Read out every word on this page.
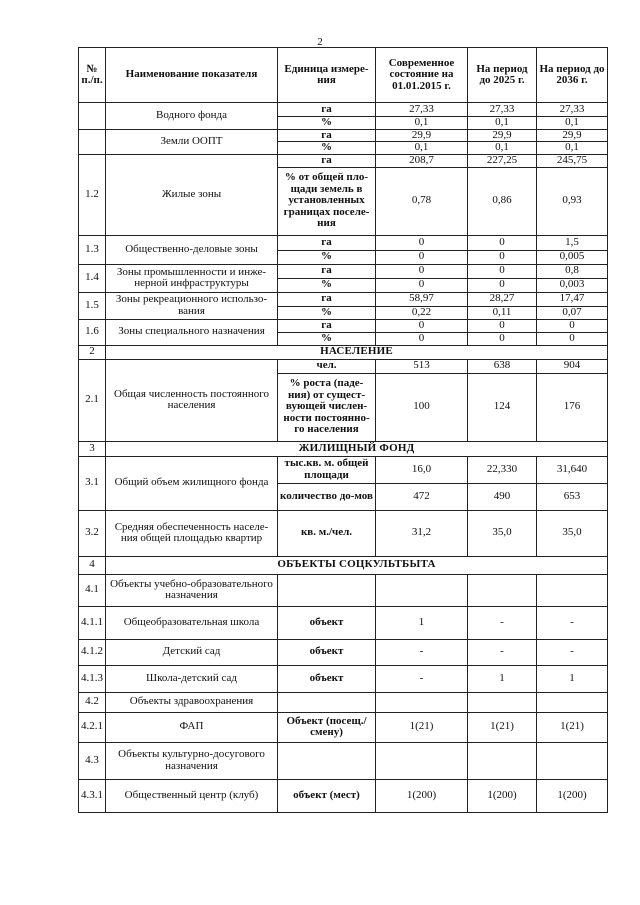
2
№ п./п.	Наименование показателя	Единица измере-ния	Современное состояние на 01.01.2015 г.	На период до 2025 г.	На период до 2036 г.
	Водного фонда	га	27,33	27,33	27,33
		%	0,1	0,1	0,1
	Земли ООПТ	га	29,9	29,9	29,9
		%	0,1	0,1	0,1
1.2	Жилые зоны	га	208,7	227,25	245,75
		% от общей пло-щади земель в установленных границах поселе-ния	0,78	0,86	0,93
1.3	Общественно-деловые зоны	га	0	0	1,5
		%	0	0	0,005
1.4	Зоны промышленности и инже-нерной инфраструктуры	га	0	0	0,8
		%	0	0	0,003
1.5	Зоны рекреационного использо-вания	га	58,97	28,27	17,47
		%	0,22	0,11	0,07
1.6	Зоны специального назначения	га	0	0	0
		%	0	0	0
2	НАСЕЛЕНИЕ				
2.1	Общая численность постоянного населения	чел.	513	638	904
		% роста (паде-ния) от сущест-вующей числен-ности постоянно-го населения	100	124	176
3	ЖИЛИЩНЫЙ ФОНД				
3.1	Общий объем жилищного фонда	тыс.кв. м. общей площади	16,0	22,330	31,640
		количество до-мов	472	490	653
3.2	Средняя обеспеченность населе-ния общей площадью квартир	кв. м./чел.	31,2	35,0	35,0
4	ОБЪЕКТЫ СОЦКУЛЬТБЫТА				
4.1	Объекты учебно-образовательного назначения				
4.1.1	Общеобразовательная школа	объект	1	-	-
4.1.2	Детский сад	объект	-	-	-
4.1.3	Школа-детский сад	объект	-	1	1
4.2	Объекты здравоохранения				
4.2.1	ФАП	Объект (посещ./смену)	1(21)	1(21)	1(21)
4.3	Объекты культурно-досугового назначения				
4.3.1	Общественный центр (клуб)	объект (мест)	1(200)	1(200)	1(200)
